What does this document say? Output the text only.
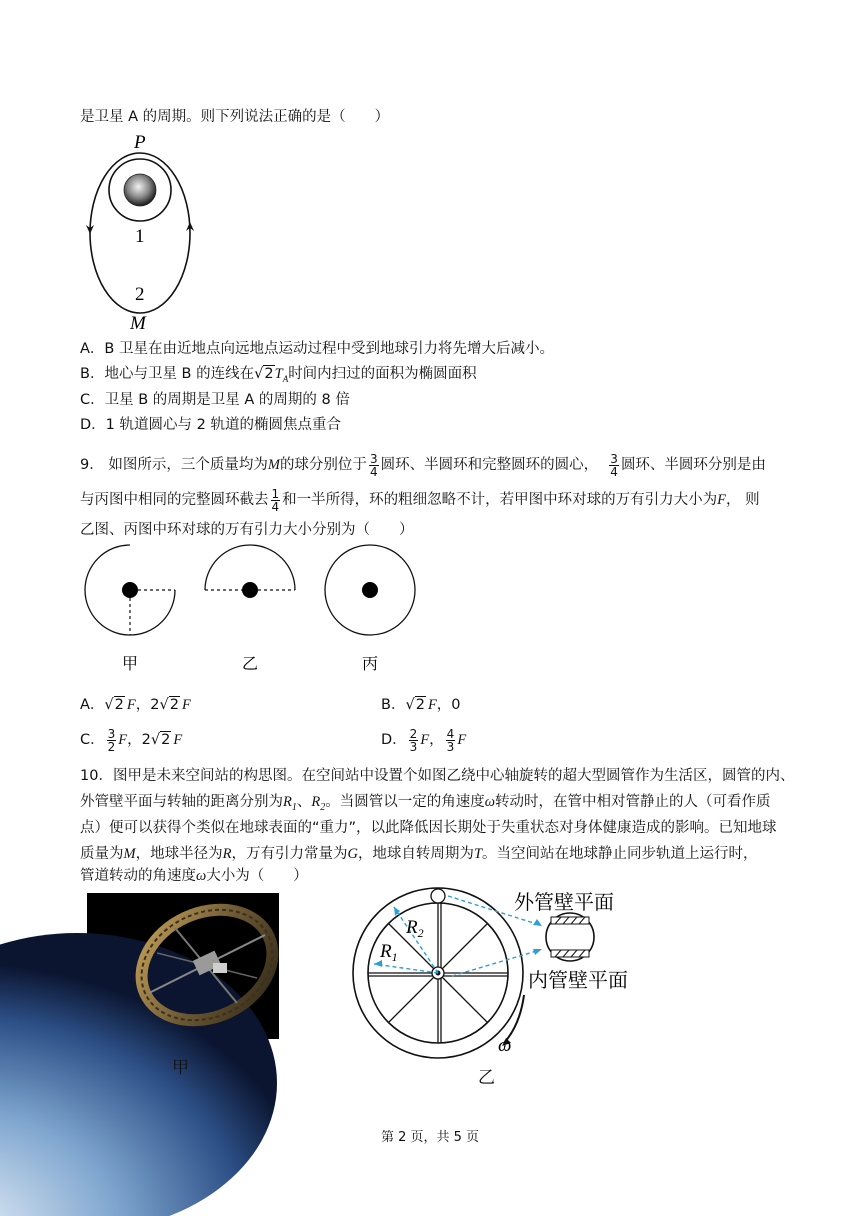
是卫星 A 的周期。则下列说法正确的是（　　）
P
1
2
M
A．B 卫星在由近地点向远地点运动过程中受到地球引力将先增大后减小。
B．地心与卫星 B 的连线在$√2T_A$时间内扫过的面积为椭圆面积
C．卫星 B 的周期是卫星 A 的周期的 8 倍
D．1 轨道圆心与 2 轨道的椭圆焦点重合
9． 如图所示，三个质量均为M的球分别位于 $\frac{3}{4}$ 圆环、半圆环和完整圆环的圆心， $\frac{3}{4}$ 圆环、半圆环分别是由
与丙图中相同的完整圆环截去 $\frac{1}{4}$ 和一半所得，环的粗细忽略不计，若甲图中环对球的万有引力大小为F， 则
乙图、丙图中环对球的万有引力大小分别为（　　）
甲	乙	丙
A．√2 F，2√2 F	B．√2 F，0
C． $\frac{3}{2}$ F，2√2 F	D． $\frac{2}{3}$ F， $\frac{4}{3}$ F
10．图甲是未来空间站的构思图。在空间站中设置个如图乙绕中心轴旋转的超大型圆管作为生活区，圆管的内、
外管壁平面与转轴的距离分别为$R_1$、$R_2$。当圆管以一定的角速度ω转动时，在管中相对管静止的人（可看作质
点）便可以获得个类似在地球表面的“重力”，以此降低因长期处于失重状态对身体健康造成的影响。已知地球
质量为M，地球半径为R，万有引力常量为G，地球自转周期为T。当空间站在地球静止同步轨道上运行时，
管道转动的角速度ω大小为（　　）
甲
$R_2$
$R_1$
ω
外管壁平面
内管壁平面
乙
第 2 页，共 5 页
